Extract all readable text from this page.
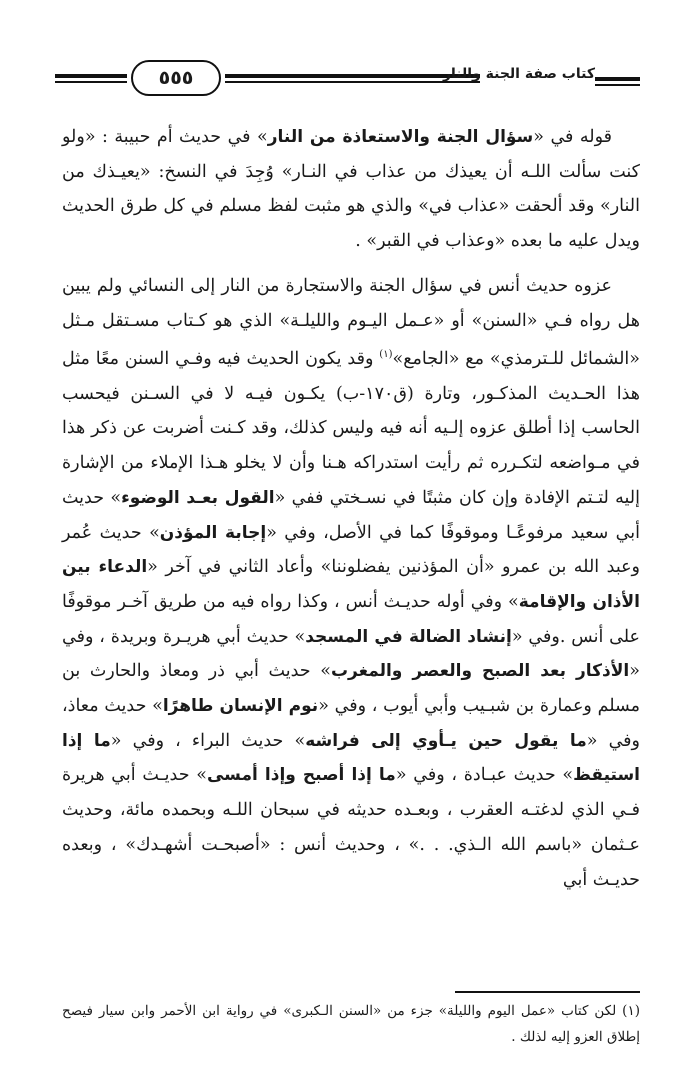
٥٥٥	كتاب صفة الجنة والنار

قوله في «سؤال الجنة والاستعاذة من النار» في حديث أم حبيبة : «ولو كنت سألت اللـه أن يعيذك من عذاب في النـار» وُجِدَ في النسخ: «يعيـذك من النار» وقد ألحقت «عذاب في» والذي هو مثبت لفظ مسلم في كل طرق الحديث ويدل عليه ما بعده «وعذاب في القبر» .

عزوه حديث أنس في سؤال الجنة والاستجارة من النار إلى النسائي ولم يبين هل رواه فـي «السنن» أو «عـمل اليـوم والليلـة» الذي هو كـتاب مسـتقل مـثل «الشمائل للـترمذي» مع «الجامع»$^{(١)}$ وقد يكون الحديث فيه وفـي السنن معًا مثل هذا الحـديث المذكـور، وتارة (ق١٧٠-ب) يكـون فيـه لا في السـنن فيحسب الحاسب إذا أطلق عزوه إلـيه أنه فيه وليس كذلك، وقد كـنت أضربت عن ذكر هذا في مـواضعه لتكـرره ثم رأيت استدراكه هـنا وأن لا يخلو هـذا الإملاء من الإشارة إليه لتـتم الإفادة وإن كان مثبتًا في نسـختي ففي «القول بعـد الوضوء» حديث أبي سعيد مرفوعًـا وموقوفًا كما في الأصل، وفي «إجابة المؤذن» حديث عُمر وعبد الله بن عمرو «أن المؤذنين يفضلوننا» وأعاد الثاني في آخر «الدعاء بين الأذان والإقامة» وفي أوله حديـث أنس ، وكذا رواه فيه من طريق آخـر موقوفًا على أنس .وفي «إنشاد الضالة في المسجد» حديث أبي هريـرة وبريدة ، وفي «الأذكار بعد الصبح والعصر والمغرب» حديث أبي ذر ومعاذ والحارث بن مسلم وعمارة بن شبـيب وأبي أيوب ، وفي «نوم الإنسان طاهرًا» حديث معاذ، وفي «ما يقول حين يـأوي إلى فراشه» حديث البراء ، وفي «ما إذا استيقظ» حديث عبـادة ، وفي «ما إذا أصبح وإذا أمسى» حديـث أبي هريرة فـي الذي لدغتـه العقرب ، وبعـده حديثه في سبحان اللـه وبحمده مائة، وحديث عـثمان «باسم الله الـذي. . .» ، وحديث أنس : «أصبحـت أشهـدك» ، وبعده حديـث أبي

(١) لكن كتاب «عمل اليوم والليلة» جزء من «السنن الـكبرى» في رواية ابن الأحمر وابن سيار فيصح إطلاق العزو إليه لذلك .
